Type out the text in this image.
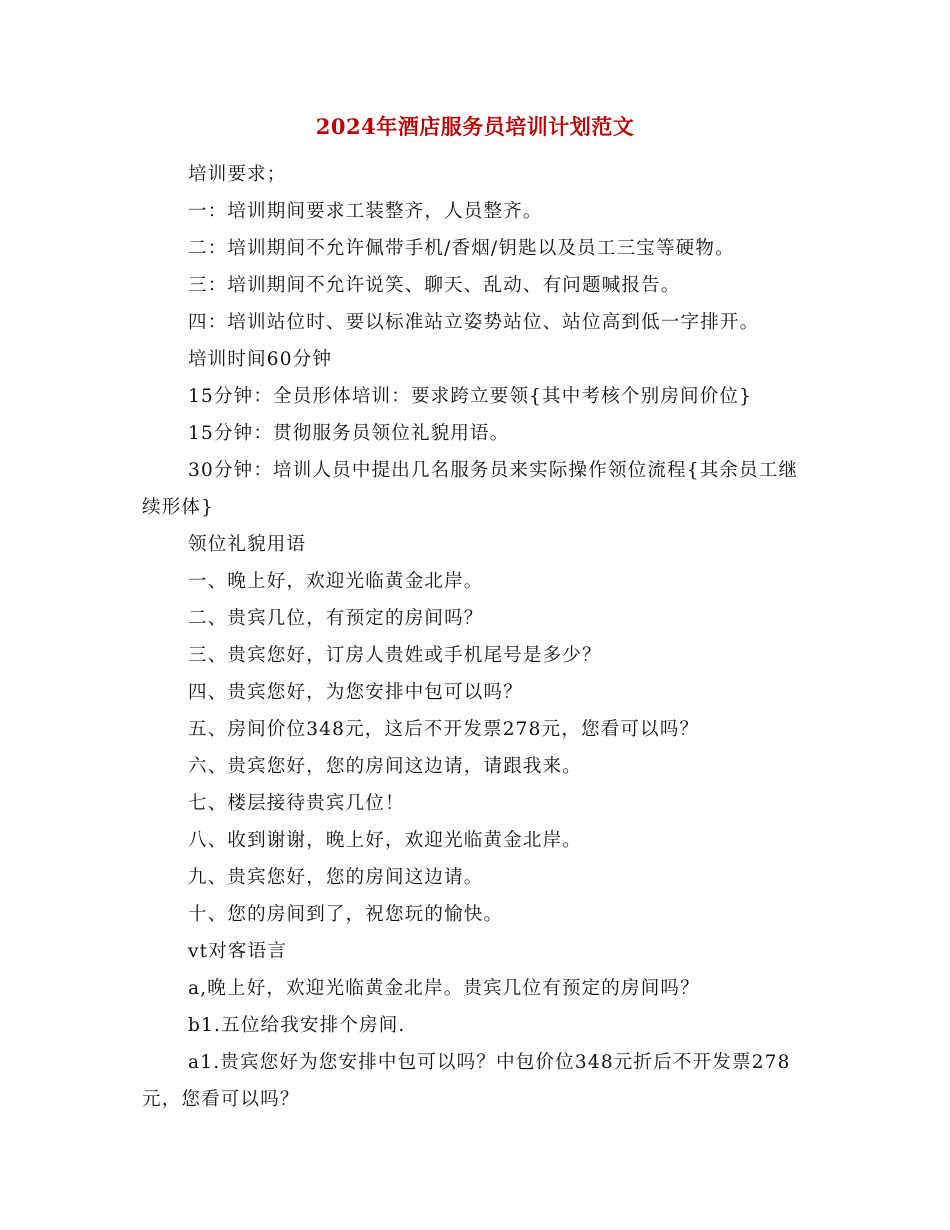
2024年酒店服务员培训计划范文

培训要求；

一：培训期间要求工装整齐，人员整齐。

二：培训期间不允许佩带手机/香烟/钥匙以及员工三宝等硬物。

三：培训期间不允许说笑、聊天、乱动、有问题喊报告。

四：培训站位时、要以标准站立姿势站位、站位高到低一字排开。

培训时间60分钟

15分钟：全员形体培训：要求跨立要领{其中考核个别房间价位}

15分钟：贯彻服务员领位礼貌用语。

30分钟：培训人员中提出几名服务员来实际操作领位流程{其余员工继续形体}

领位礼貌用语

一、晚上好，欢迎光临黄金北岸。

二、贵宾几位，有预定的房间吗？

三、贵宾您好，订房人贵姓或手机尾号是多少？

四、贵宾您好，为您安排中包可以吗？

五、房间价位348元，这后不开发票278元，您看可以吗？

六、贵宾您好，您的房间这边请，请跟我来。

七、楼层接待贵宾几位！

八、收到谢谢，晚上好，欢迎光临黄金北岸。

九、贵宾您好，您的房间这边请。

十、您的房间到了，祝您玩的愉快。

vt对客语言

a,晚上好，欢迎光临黄金北岸。贵宾几位有预定的房间吗？

b1.五位给我安排个房间.

a1.贵宾您好为您安排中包可以吗？中包价位348元折后不开发票278元，您看可以吗？
